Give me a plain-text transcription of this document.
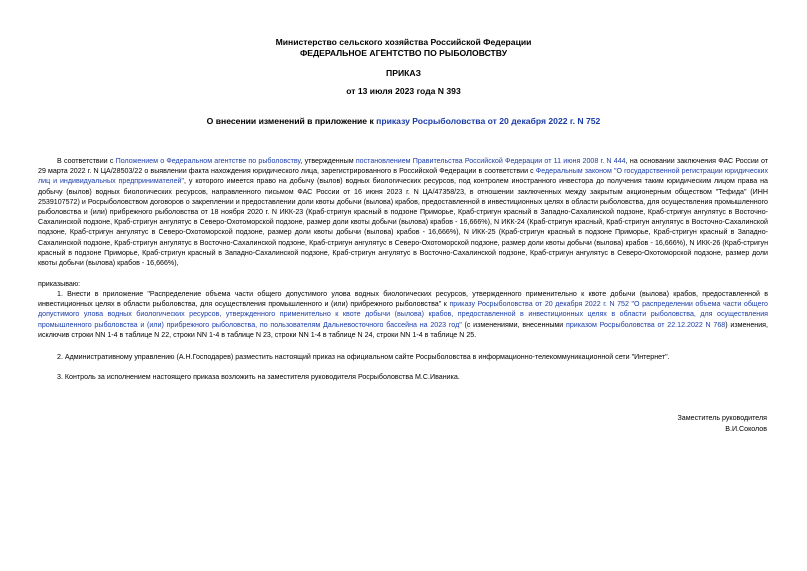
Министерство сельского хозяйства Российской Федерации
ФЕДЕРАЛЬНОЕ АГЕНТСТВО ПО РЫБОЛОВСТВУ
ПРИКАЗ
от 13 июля 2023 года N 393
О внесении изменений в приложение к приказу Росрыболовства от 20 декабря 2022 г. N 752
В соответствии с Положением о Федеральном агентстве по рыболовству, утвержденным постановлением Правительства Российской Федерации от 11 июня 2008 г. N 444, на основании заключения ФАС России от 29 марта 2022 г. N ЦА/28503/22 о выявлении факта нахождения юридического лица, зарегистрированного в Российской Федерации в соответствии с Федеральным законом "О государственной регистрации юридических лиц и индивидуальных предпринимателей", у которого имеется право на добычу (вылов) водных биологических ресурсов, под контролем иностранного инвестора до получения таким юридическим лицом права на добычу (вылов) водных биологических ресурсов, направленного письмом ФАС России от 16 июня 2023 г. N ЦА/47358/23, в отношении заключенных между закрытым акционерным обществом "Тефида" (ИНН 2539107572) и Росрыболовством договоров о закреплении и предоставлении доли квоты добычи (вылова) крабов, предоставленной в инвестиционных целях в области рыболовства, для осуществления промышленного рыболовства и (или) прибрежного рыболовства от 18 ноября 2020 г. N ИКК-23 (Краб-стригун красный в подзоне Приморье, Краб-стригун красный в Западно-Сахалинской подзоне, Краб-стригун ангулятус в Восточно-Сахалинской подзоне, Краб-стригун ангулятус в Северо-Охотоморской подзоне, размер доли квоты добычи (вылова) крабов - 16,666%), N ИКК-24 (Краб-стригун красный, Краб-стригун ангулятус в Восточно-Сахалинской подзоне, Краб-стригун ангулятус в Северо-Охотоморской подзоне, размер доли квоты добычи (вылова) крабов - 16,666%), N ИКК-25 (Краб-стригун красный в подзоне Приморье, Краб-стригун красный в Западно-Сахалинской подзоне, Краб-стригун ангулятус в Восточно-Сахалинской подзоне, Краб-стригун ангулятус в Северо-Охотоморской подзоне, размер доли квоты добычи (вылова) крабов - 16,666%), N ИКК-26 (Краб-стригун красный в подзоне Приморье, Краб-стригун красный в Западно-Сахалинской подзоне, Краб-стригун ангулятус в Восточно-Сахалинской подзоне, Краб-стригун ангулятус в Северо-Охотоморской подзоне, размер доли квоты добычи (вылова) крабов - 16,666%),
приказываю:
1. Внести в приложение "Распределение объема части общего допустимого улова водных биологических ресурсов, утвержденного применительно к квоте добычи (вылова) крабов, предоставленной в инвестиционных целях в области рыболовства, для осуществления промышленного и (или) прибрежного рыболовства" к приказу Росрыболовства от 20 декабря 2022 г. N 752 "О распределении объема части общего допустимого улова водных биологических ресурсов, утвержденного применительно к квоте добычи (вылова) крабов, предоставленной в инвестиционных целях в области рыболовства, для осуществления промышленного рыболовства и (или) прибрежного рыболовства, по пользователям Дальневосточного бассейна на 2023 год" (с изменениями, внесенными приказом Росрыболовства от 22.12.2022 N 768) изменения, исключив строки NN 1-4 в таблице N 22, строки NN 1-4 в таблице N 23, строки NN 1-4 в таблице N 24, строки NN 1-4 в таблице N 25.
2. Административному управлению (А.Н.Господарев) разместить настоящий приказ на официальном сайте Росрыболовства в информационно-телекоммуникационной сети "Интернет".
3. Контроль за исполнением настоящего приказа возложить на заместителя руководителя Росрыболовства М.С.Иваника.
Заместитель руководителя
В.И.Соколов
